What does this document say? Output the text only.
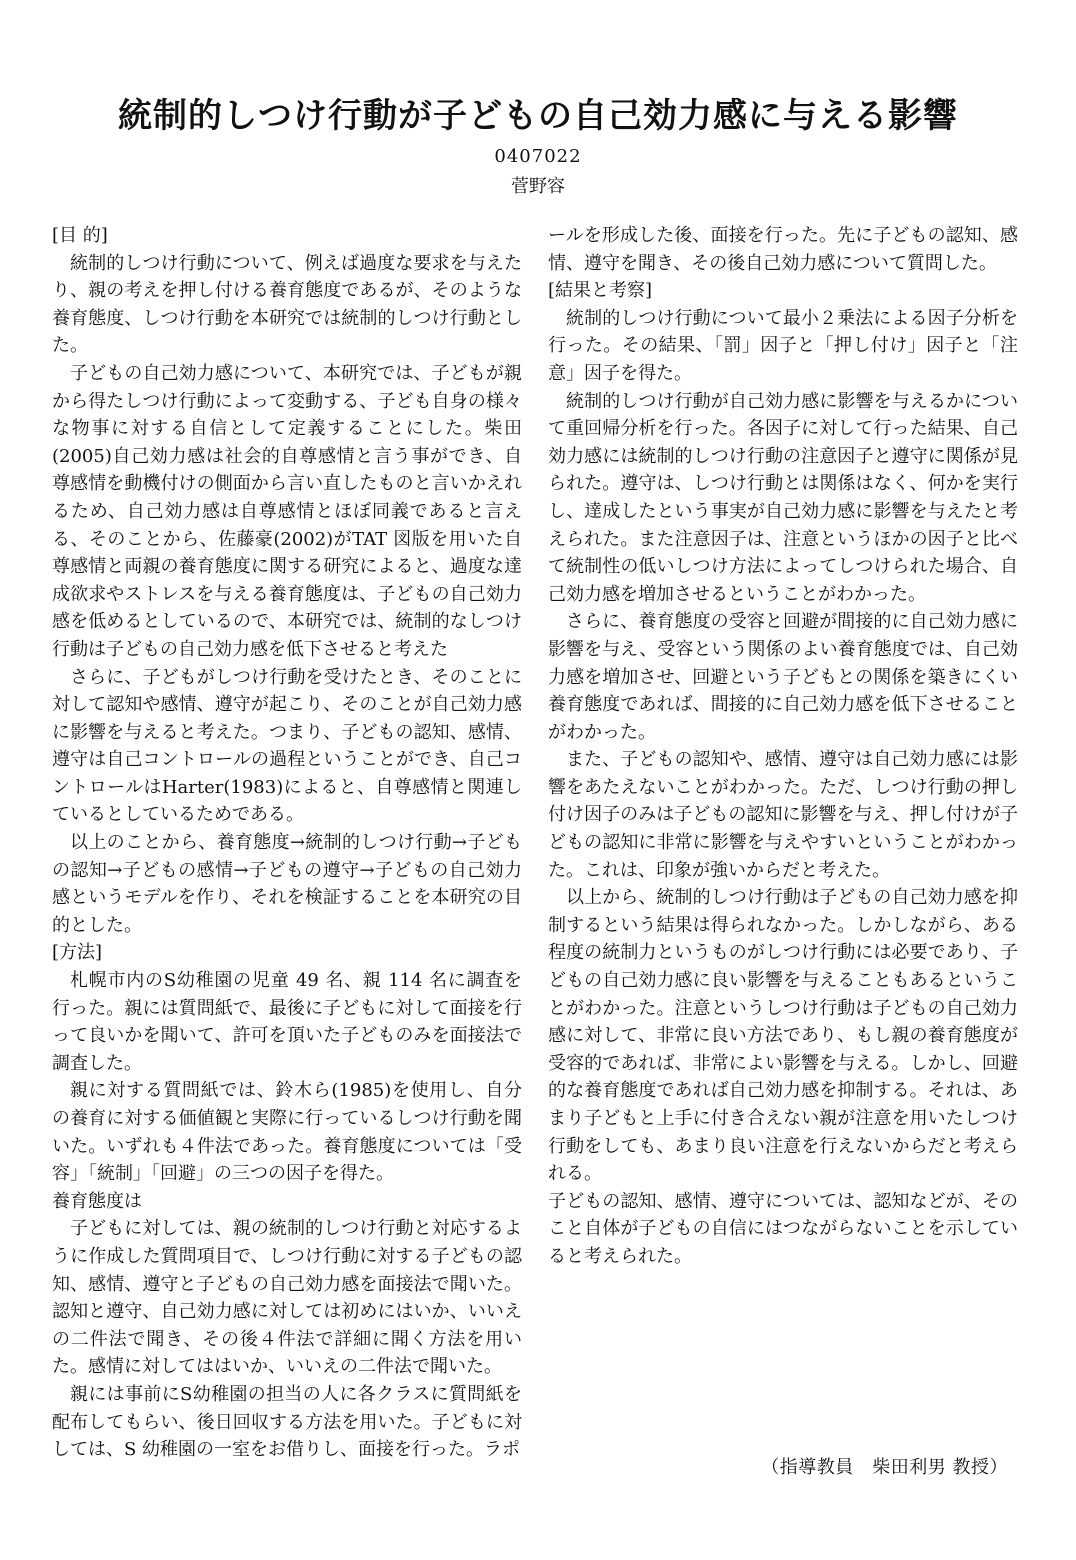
統制的しつけ行動が子どもの自己効力感に与える影響
0407022
菅野容
[目 的]

統制的しつけ行動について、例えば過度な要求を与えたり、親の考えを押し付ける養育態度であるが、そのような養育態度、しつけ行動を本研究では統制的しつけ行動とした。

子どもの自己効力感について、本研究では、子どもが親から得たしつけ行動によって変動する、子ども自身の様々な物事に対する自信として定義することにした。柴田(2005)自己効力感は社会的自尊感情と言う事ができ、自尊感情を動機付けの側面から言い直したものと言いかえれるため、自己効力感は自尊感情とほぼ同義であると言える、そのことから、佐藤豪(2002)がTAT 図版を用いた自尊感情と両親の養育態度に関する研究によると、過度な達成欲求やストレスを与える養育態度は、子どもの自己効力感を低めるとしているので、本研究では、統制的なしつけ行動は子どもの自己効力感を低下させると考えた

さらに、子どもがしつけ行動を受けたとき、そのことに対して認知や感情、遵守が起こり、そのことが自己効力感に影響を与えると考えた。つまり、子どもの認知、感情、遵守は自己コントロールの過程ということができ、自己コントロールはHarter(1983)によると、自尊感情と関連しているとしているためである。

以上のことから、養育態度→統制的しつけ行動→子どもの認知→子どもの感情→子どもの遵守→子どもの自己効力感というモデルを作り、それを検証することを本研究の目的とした。

[方法]

札幌市内のS幼稚園の児童 49 名、親 114 名に調査を行った。親には質問紙で、最後に子どもに対して面接を行って良いかを聞いて、許可を頂いた子どものみを面接法で調査した。

親に対する質問紙では、鈴木ら(1985)を使用し、自分の養育に対する価値観と実際に行っているしつけ行動を聞いた。いずれも４件法であった。養育態度については「受容」「統制」「回避」の三つの因子を得た。

養育態度は

子どもに対しては、親の統制的しつけ行動と対応するように作成した質問項目で、しつけ行動に対する子どもの認知、感情、遵守と子どもの自己効力感を面接法で聞いた。認知と遵守、自己効力感に対しては初めにはいか、いいえの二件法で聞き、その後４件法で詳細に聞く方法を用いた。感情に対してははいか、いいえの二件法で聞いた。

親には事前にS幼稚園の担当の人に各クラスに質問紙を配布してもらい、後日回収する方法を用いた。子どもに対しては、S 幼稚園の一室をお借りし、面接を行った。ラポ

ールを形成した後、面接を行った。先に子どもの認知、感情、遵守を聞き、その後自己効力感について質問した。

[結果と考察]

統制的しつけ行動について最小２乗法による因子分析を行った。その結果、「罰」因子と「押し付け」因子と「注意」因子を得た。

統制的しつけ行動が自己効力感に影響を与えるかについて重回帰分析を行った。各因子に対して行った結果、自己効力感には統制的しつけ行動の注意因子と遵守に関係が見られた。遵守は、しつけ行動とは関係はなく、何かを実行し、達成したという事実が自己効力感に影響を与えたと考えられた。また注意因子は、注意というほかの因子と比べて統制性の低いしつけ方法によってしつけられた場合、自己効力感を増加させるということがわかった。

さらに、養育態度の受容と回避が間接的に自己効力感に影響を与え、受容という関係のよい養育態度では、自己効力感を増加させ、回避という子どもとの関係を築きにくい養育態度であれば、間接的に自己効力感を低下させることがわかった。

また、子どもの認知や、感情、遵守は自己効力感には影響をあたえないことがわかった。ただ、しつけ行動の押し付け因子のみは子どもの認知に影響を与え、押し付けが子どもの認知に非常に影響を与えやすいということがわかった。これは、印象が強いからだと考えた。

以上から、統制的しつけ行動は子どもの自己効力感を抑制するという結果は得られなかった。しかしながら、ある程度の統制力というものがしつけ行動には必要であり、子どもの自己効力感に良い影響を与えることもあるということがわかった。注意というしつけ行動は子どもの自己効力感に対して、非常に良い方法であり、もし親の養育態度が受容的であれば、非常によい影響を与える。しかし、回避的な養育態度であれば自己効力感を抑制する。それは、あまり子どもと上手に付き合えない親が注意を用いたしつけ行動をしても、あまり良い注意を行えないからだと考えられる。

子どもの認知、感情、遵守については、認知などが、そのこと自体が子どもの自信にはつながらないことを示していると考えられた。

（指導教員　柴田利男 教授）
